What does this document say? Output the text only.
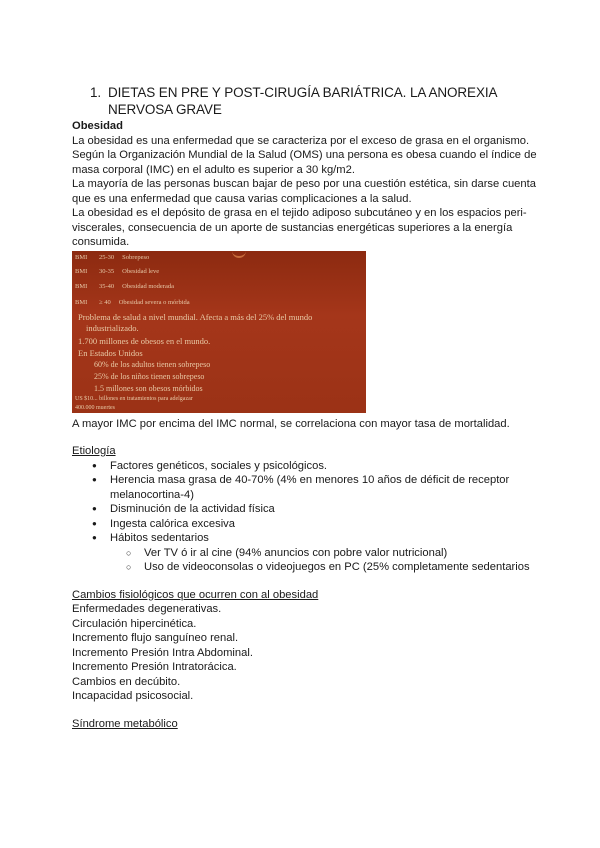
1. DIETAS EN PRE Y POST-CIRUGÍA BARIÁTRICA. LA ANOREXIA NERVOSA GRAVE
Obesidad

La obesidad es una enfermedad que se caracteriza por el exceso de grasa en el organismo. Según la Organización Mundial de la Salud (OMS) una persona es obesa cuando el índice de masa corporal (IMC) en el adulto es superior a 30 kg/m2.

La mayoría de las personas buscan bajar de peso por una cuestión estética, sin darse cuenta que es una enfermedad que causa varias complicaciones a la salud.

La obesidad es el depósito de grasa en el tejido adiposo subcutáneo y en los espacios peri-viscerales, consecuencia de un aporte de sustancias energéticas superiores a la energía consumida.

BMI	25-30 Sobrepeso
BMI	30-35 Obesidad leve
BMI	35-40 Obesidad moderada
BMI	≥ 40 Obesidad severa o mórbida
Problema de salud a nivel mundial. Afecta a más del 25% del mundo
industrializado.
1.700 millones de obesos en el mundo.
En Estados Unidos
60% de los adultos tienen sobrepeso
25% de los niños tienen sobrepeso
1.5 millones son obesos mórbidos
US $10... billones en tratamientos para adelgazar
400.000 muertes

A mayor IMC por encima del IMC normal, se correlaciona con mayor tasa de mortalidad.

Etiología
● Factores genéticos, sociales y psicológicos.
● Herencia masa grasa de 40-70% (4% en menores 10 años de déficit de receptor melanocortina-4)
● Disminución de la actividad física
● Ingesta calórica excesiva
● Hábitos sedentarios
○ Ver TV ó ir al cine (94% anuncios con pobre valor nutricional)
○ Uso de videoconsolas o videojuegos en PC (25% completamente sedentarios
Cambios fisiológicos que ocurren con al obesidad

Enfermedades degenerativas.

Circulación hipercinética.

Incremento flujo sanguíneo renal.

Incremento Presión Intra Abdominal.

Incremento Presión Intratorácica.

Cambios en decúbito.

Incapacidad psicosocial.

Síndrome metabólico
